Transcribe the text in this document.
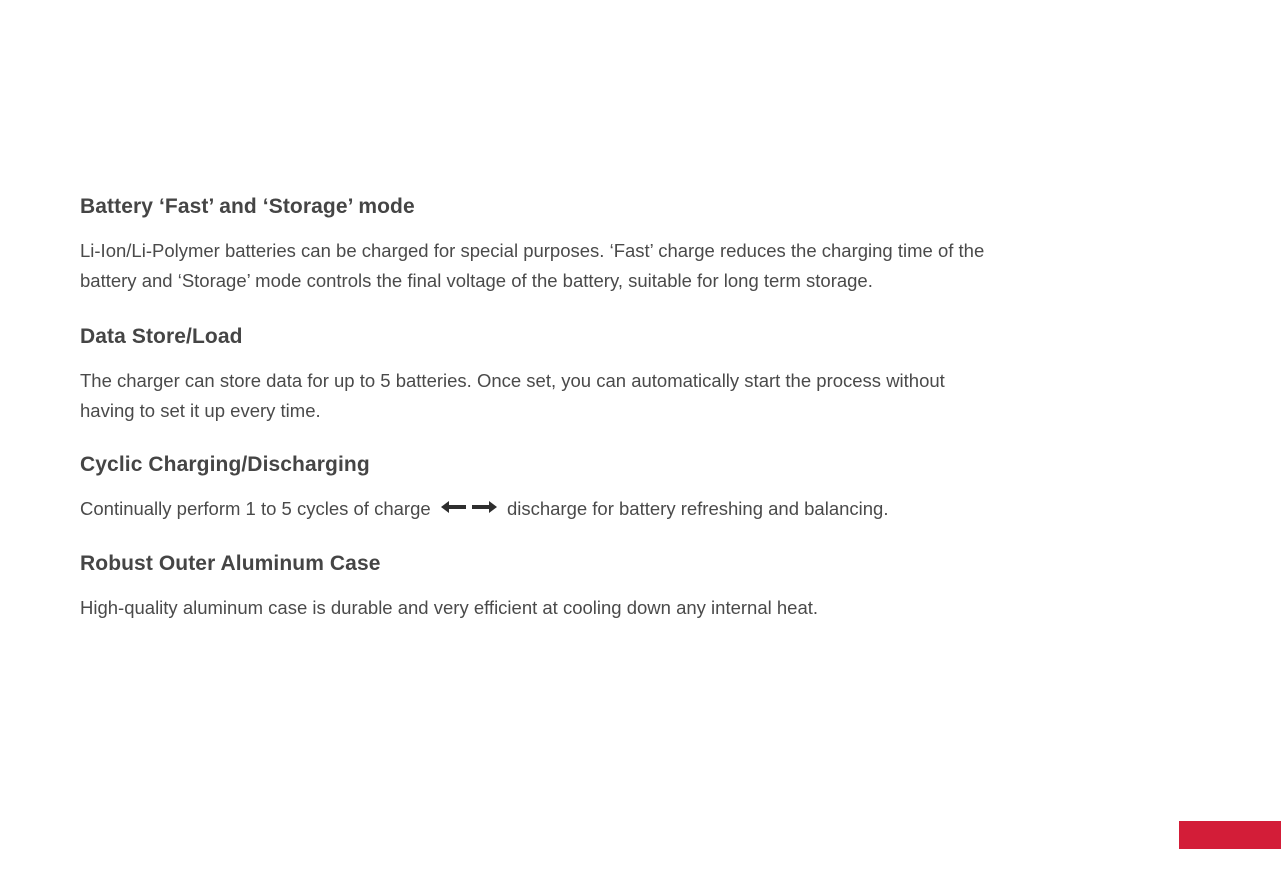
Battery ‘Fast’ and ‘Storage’ mode

Li-Ion/Li-Polymer batteries can be charged for special purposes. ‘Fast’ charge reduces the charging time of the
battery and ‘Storage’ mode controls the final voltage of the battery, suitable for long term storage.

Data Store/Load

The charger can store data for up to 5 batteries. Once set, you can automatically start the process without
having to set it up every time.

Cyclic Charging/Discharging

Continually perform 1 to 5 cycles of charge	discharge for battery refreshing and balancing.

Robust Outer Aluminum Case

High-quality aluminum case is durable and very efficient at cooling down any internal heat.
